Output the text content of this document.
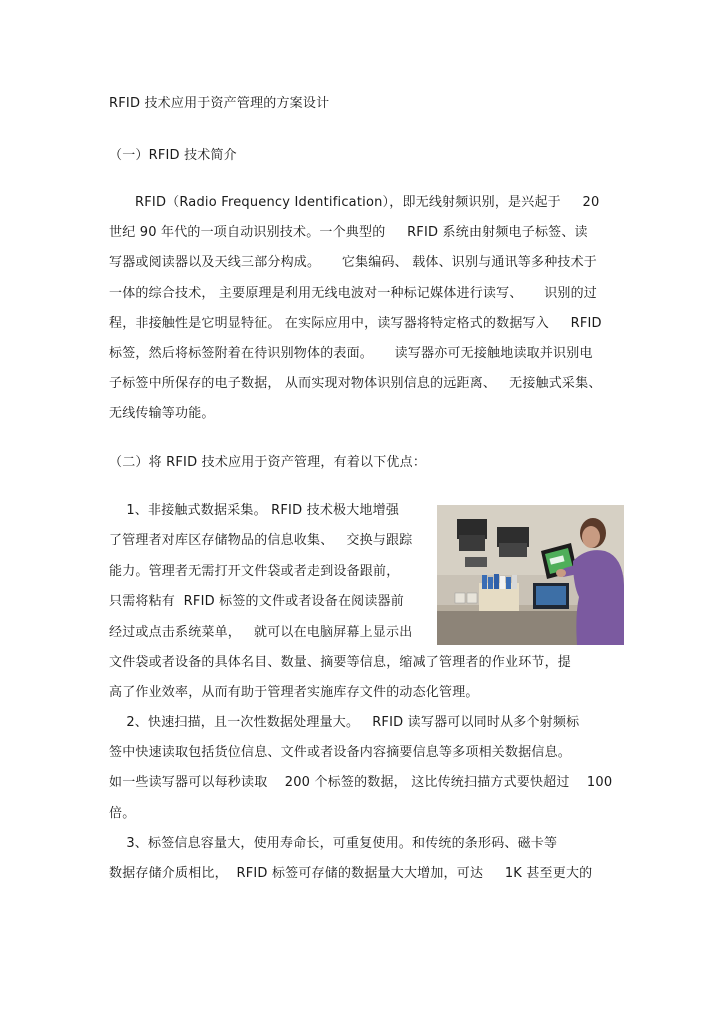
RFID 技术应用于资产管理的方案设计

（一）RFID 技术简介

RFID（Radio Frequency Identification），即无线射频识别，是兴起于     20

世纪 90 年代的一项自动识别技术。一个典型的     RFID 系统由射频电子标签、读

写器或阅读器以及天线三部分构成。     它集编码、 载体、识别与通讯等多种技术于

一体的综合技术， 主要原理是利用无线电波对一种标记媒体进行读写、     识别的过

程，非接触性是它明显特征。 在实际应用中，读写器将特定格式的数据写入     RFID

标签，然后将标签附着在待识别物体的表面。     读写器亦可无接触地读取并识别电

子标签中所保存的电子数据， 从而实现对物体识别信息的远距离、   无接触式采集、

无线传输等功能。

（二）将 RFID 技术应用于资产管理，有着以下优点：

1、非接触式数据采集。 RFID 技术极大地增强

了管理者对库区存储物品的信息收集、   交换与跟踪

能力。管理者无需打开文件袋或者走到设备跟前，

只需将粘有  RFID 标签的文件或者设备在阅读器前

经过或点击系统菜单，   就可以在电脑屏幕上显示出

文件袋或者设备的具体名目、数量、摘要等信息，缩减了管理者的作业环节，提

高了作业效率，从而有助于管理者实施库存文件的动态化管理。

2、快速扫描，且一次性数据处理量大。   RFID 读写器可以同时从多个射频标

签中快速读取包括货位信息、文件或者设备内容摘要信息等多项相关数据信息。

如一些读写器可以每秒读取    200 个标签的数据， 这比传统扫描方式要快超过    100

倍。

3、标签信息容量大，使用寿命长，可重复使用。和传统的条形码、磁卡等

数据存储介质相比，  RFID 标签可存储的数据量大大增加，可达     1K 甚至更大的
